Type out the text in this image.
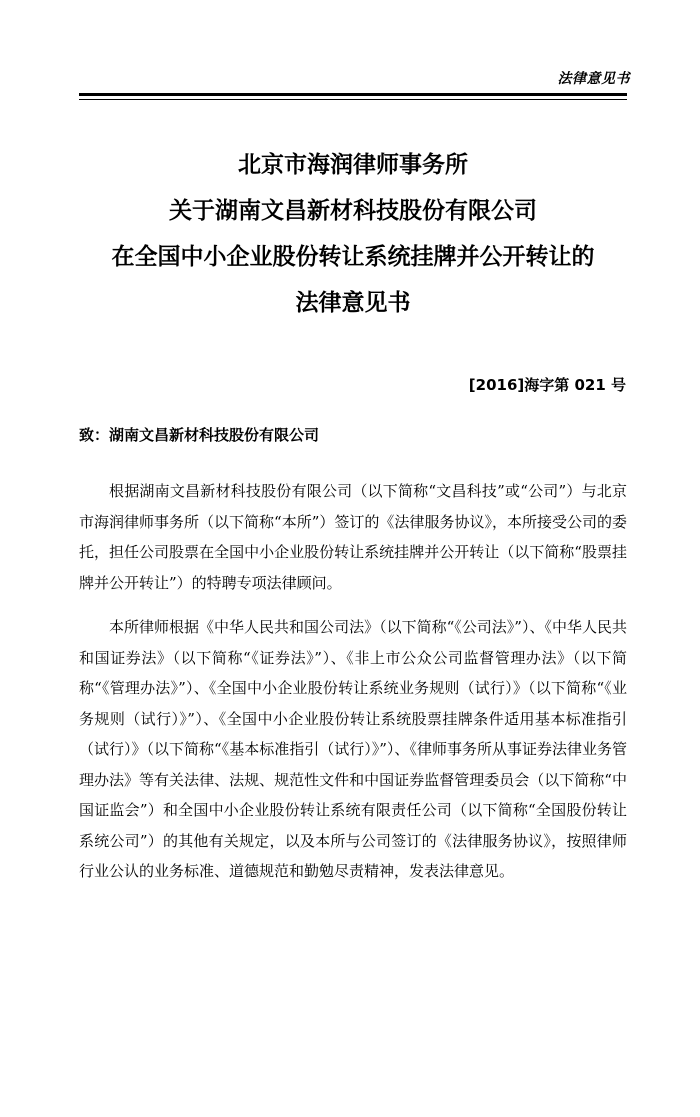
法律意见书
北京市海润律师事务所
关于湖南文昌新材科技股份有限公司
在全国中小企业股份转让系统挂牌并公开转让的
法律意见书
[2016]海字第 021 号
致：湖南文昌新材科技股份有限公司

根据湖南文昌新材科技股份有限公司（以下简称“文昌科技”或“公司”）与北京市海润律师事务所（以下简称“本所”）签订的《法律服务协议》，本所接受公司的委托，担任公司股票在全国中小企业股份转让系统挂牌并公开转让（以下简称“股票挂牌并公开转让”）的特聘专项法律顾问。

本所律师根据《中华人民共和国公司法》（以下简称“《公司法》”）、《中华人民共和国证券法》（以下简称“《证券法》”）、《非上市公众公司监督管理办法》（以下简称“《管理办法》”）、《全国中小企业股份转让系统业务规则（试行）》（以下简称“《业务规则（试行）》”）、《全国中小企业股份转让系统股票挂牌条件适用基本标准指引（试行）》（以下简称“《基本标准指引（试行）》”）、《律师事务所从事证券法律业务管理办法》等有关法律、法规、规范性文件和中国证券监督管理委员会（以下简称“中国证监会”）和全国中小企业股份转让系统有限责任公司（以下简称“全国股份转让系统公司”）的其他有关规定，以及本所与公司签订的《法律服务协议》，按照律师行业公认的业务标准、道德规范和勤勉尽责精神，发表法律意见。
